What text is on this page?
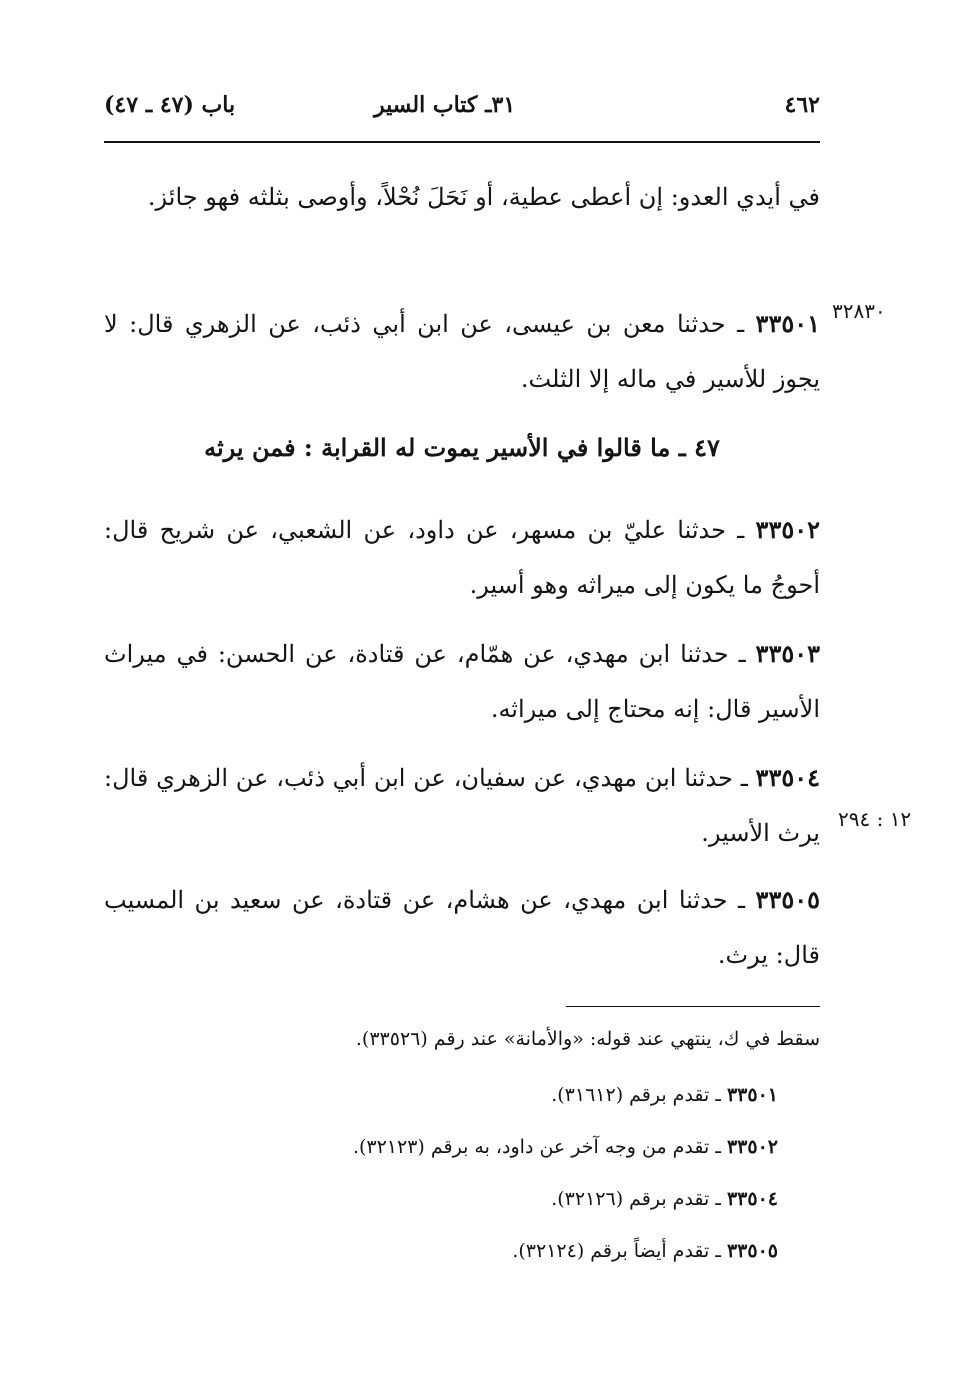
٤٦٢
٣١ـ كتاب السير
باب (٤٧ ـ ٤٧)
في أيدي العدو: إن أعطى عطية، أو نَحَلَ نُحْلاً، وأوصى بثلثه فهو جائز.
٣٢٨٣٠
٣٣٥٠١ ـ حدثنا معن بن عيسى، عن ابن أبي ذئب، عن الزهري قال: لا يجوز للأسير في ماله إلا الثلث.
٤٧ ـ ما قالوا في الأسير يموت له القرابة : فمن يرثه
٣٣٥٠٢ ـ حدثنا عليّ بن مسهر، عن داود، عن الشعبي، عن شريح قال: أحوجُ ما يكون إلى ميراثه وهو أسير.
٣٣٥٠٣ ـ حدثنا ابن مهدي، عن همّام، عن قتادة، عن الحسن: في ميراث الأسير قال: إنه محتاج إلى ميراثه.
٣٣٥٠٤ ـ حدثنا ابن مهدي، عن سفيان، عن ابن أبي ذئب، عن الزهري قال: يرث الأسير. ١٢ : ٢٩٤
٣٣٥٠٥ ـ حدثنا ابن مهدي، عن هشام، عن قتادة، عن سعيد بن المسيب قال: يرث.
سقط في ك، ينتهي عند قوله: «والأمانة» عند رقم (٣٣٥٢٦).
٣٣٥٠١ ـ تقدم برقم (٣١٦١٢).
٣٣٥٠٢ ـ تقدم من وجه آخر عن داود، به برقم (٣٢١٢٣).
٣٣٥٠٤ ـ تقدم برقم (٣٢١٢٦).
٣٣٥٠٥ ـ تقدم أيضاً برقم (٣٢١٢٤).
